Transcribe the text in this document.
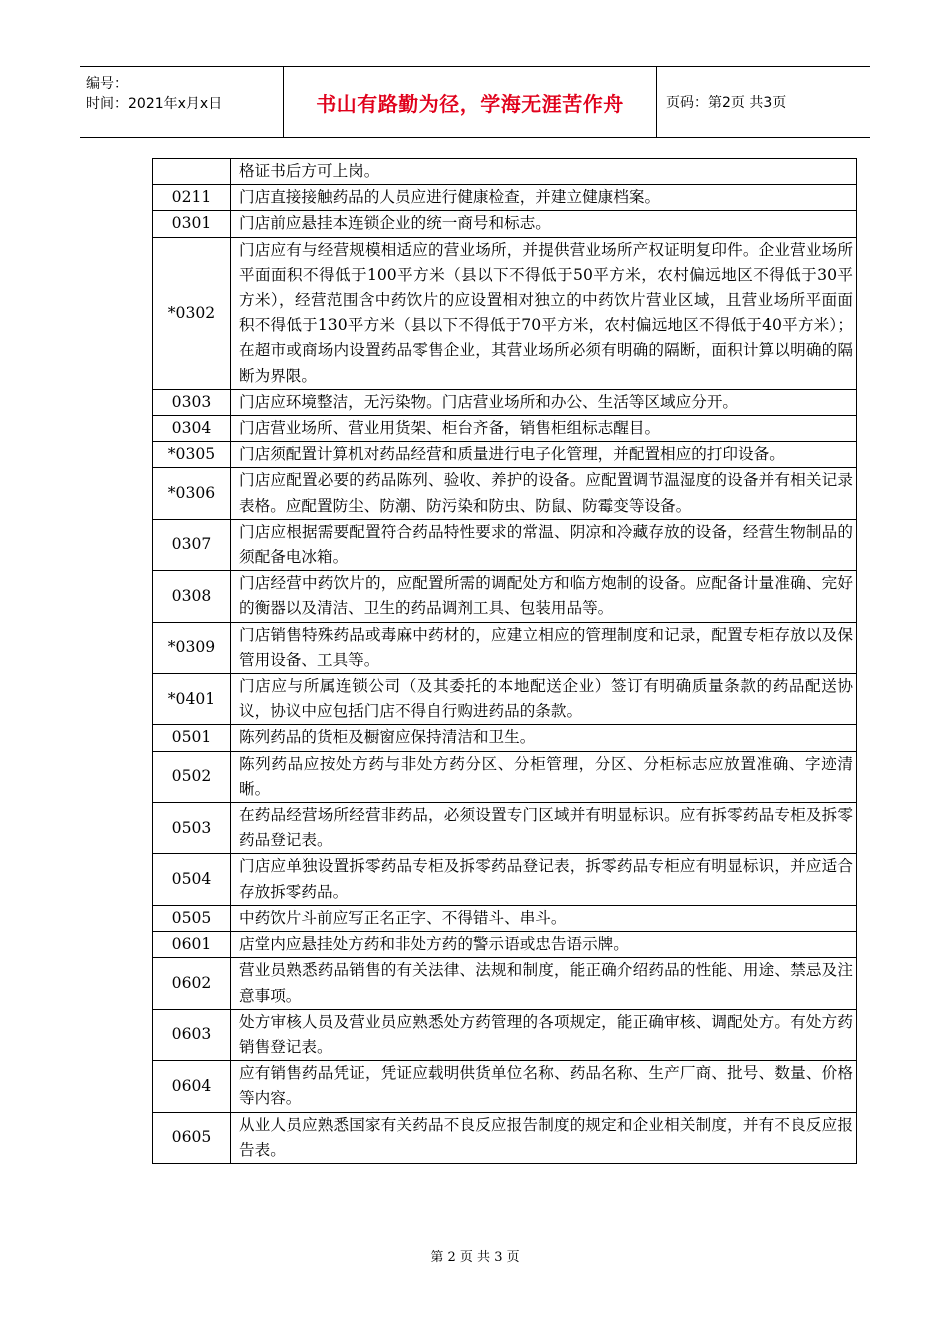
编号：
时间：2021年x月x日	书山有路勤为径，学海无涯苦作舟	页码：第2页 共3页
	格证书后方可上岗。
0211	门店直接接触药品的人员应进行健康检查，并建立健康档案。
0301	门店前应悬挂本连锁企业的统一商号和标志。
*0302	门店应有与经营规模相适应的营业场所，并提供营业场所产权证明复印件。企业营业场所平面面积不得低于100平方米（县以下不得低于50平方米，农村偏远地区不得低于30平方米），经营范围含中药饮片的应设置相对独立的中药饮片营业区域，且营业场所平面面积不得低于130平方米（县以下不得低于70平方米，农村偏远地区不得低于40平方米）；在超市或商场内设置药品零售企业，其营业场所必须有明确的隔断，面积计算以明确的隔断为界限。
0303	门店应环境整洁，无污染物。门店营业场所和办公、生活等区域应分开。
0304	门店营业场所、营业用货架、柜台齐备，销售柜组标志醒目。
*0305	门店须配置计算机对药品经营和质量进行电子化管理，并配置相应的打印设备。
*0306	门店应配置必要的药品陈列、验收、养护的设备。应配置调节温湿度的设备并有相关记录表格。应配置防尘、防潮、防污染和防虫、防鼠、防霉变等设备。
0307	门店应根据需要配置符合药品特性要求的常温、阴凉和冷藏存放的设备，经营生物制品的须配备电冰箱。
0308	门店经营中药饮片的，应配置所需的调配处方和临方炮制的设备。应配备计量准确、完好的衡器以及清洁、卫生的药品调剂工具、包装用品等。
*0309	门店销售特殊药品或毒麻中药材的，应建立相应的管理制度和记录，配置专柜存放以及保管用设备、工具等。
*0401	门店应与所属连锁公司（及其委托的本地配送企业）签订有明确质量条款的药品配送协议，协议中应包括门店不得自行购进药品的条款。
0501	陈列药品的货柜及橱窗应保持清洁和卫生。
0502	陈列药品应按处方药与非处方药分区、分柜管理，分区、分柜标志应放置准确、字迹清晰。
0503	在药品经营场所经营非药品，必须设置专门区域并有明显标识。应有拆零药品专柜及拆零药品登记表。
0504	门店应单独设置拆零药品专柜及拆零药品登记表，拆零药品专柜应有明显标识，并应适合存放拆零药品。
0505	中药饮片斗前应写正名正字、不得错斗、串斗。
0601	店堂内应悬挂处方药和非处方药的警示语或忠告语示牌。
0602	营业员熟悉药品销售的有关法律、法规和制度，能正确介绍药品的性能、用途、禁忌及注意事项。
0603	处方审核人员及营业员应熟悉处方药管理的各项规定，能正确审核、调配处方。有处方药销售登记表。
0604	应有销售药品凭证，凭证应载明供货单位名称、药品名称、生产厂商、批号、数量、价格等内容。
0605	从业人员应熟悉国家有关药品不良反应报告制度的规定和企业相关制度，并有不良反应报告表。
第 2 页 共 3 页
